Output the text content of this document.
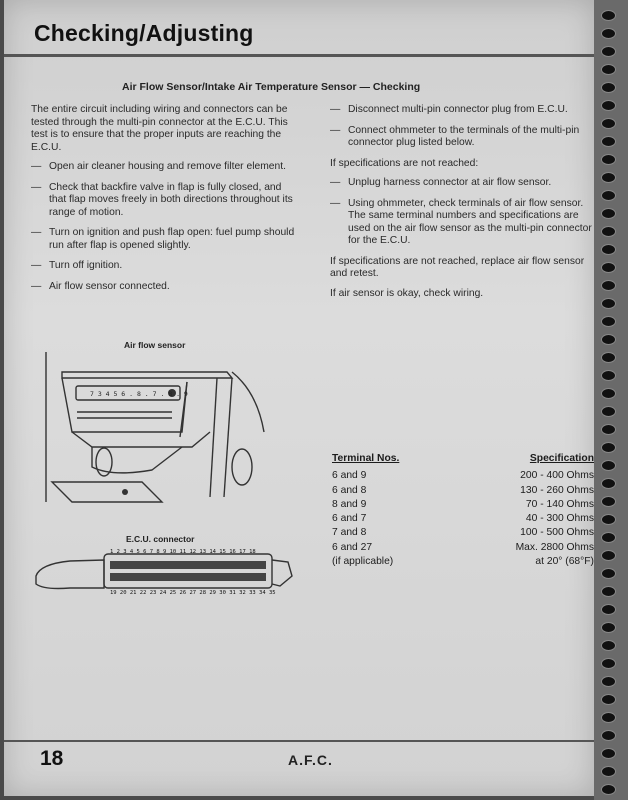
Checking/Adjusting
Air Flow Sensor/Intake Air Temperature Sensor — Checking

The entire circuit including wiring and connectors can be tested through the multi-pin connector at the E.C.U. This test is to ensure that the proper inputs are reaching the E.C.U.

— Open air cleaner housing and remove filter element.
— Check that backfire valve in flap is fully closed, and that flap moves freely in both directions throughout its range of motion.
— Turn on ignition and push flap open: fuel pump should run after flap is opened slightly.
— Turn off ignition.
— Air flow sensor connected.
— Disconnect multi-pin connector plug from E.C.U.
— Connect ohmmeter to the terminals of the multi-pin connector plug listed below.

If specifications are not reached:

— Unplug harness connector at air flow sensor.
— Using ohmmeter, check terminals of air flow sensor. The same terminal numbers and specifications are used on the air flow sensor as the multi-pin connector for the E.C.U.

If specifications are not reached, replace air flow sensor and retest.

If air sensor is okay, check wiring.

Air flow sensor
7 3 4 5 6 . 8 . 7 . 8 . 9
E.C.U. connector
1 2 3 4 5 6 7 8 9 10 11 12 13 14 15 16 17 18
19 20 21 22 23 24 25 26 27 28 29 30 31 32 33 34 35
Terminal Nos.	Specification
6 and 9	200 - 400 Ohms
6 and 8	130 - 260 Ohms
8 and 9	70 - 140 Ohms
6 and 7	40 - 300 Ohms
7 and 8	100 - 500 Ohms
6 and 27	Max. 2800 Ohms
(if applicable)	at 20° (68°F)
18	A.F.C.
